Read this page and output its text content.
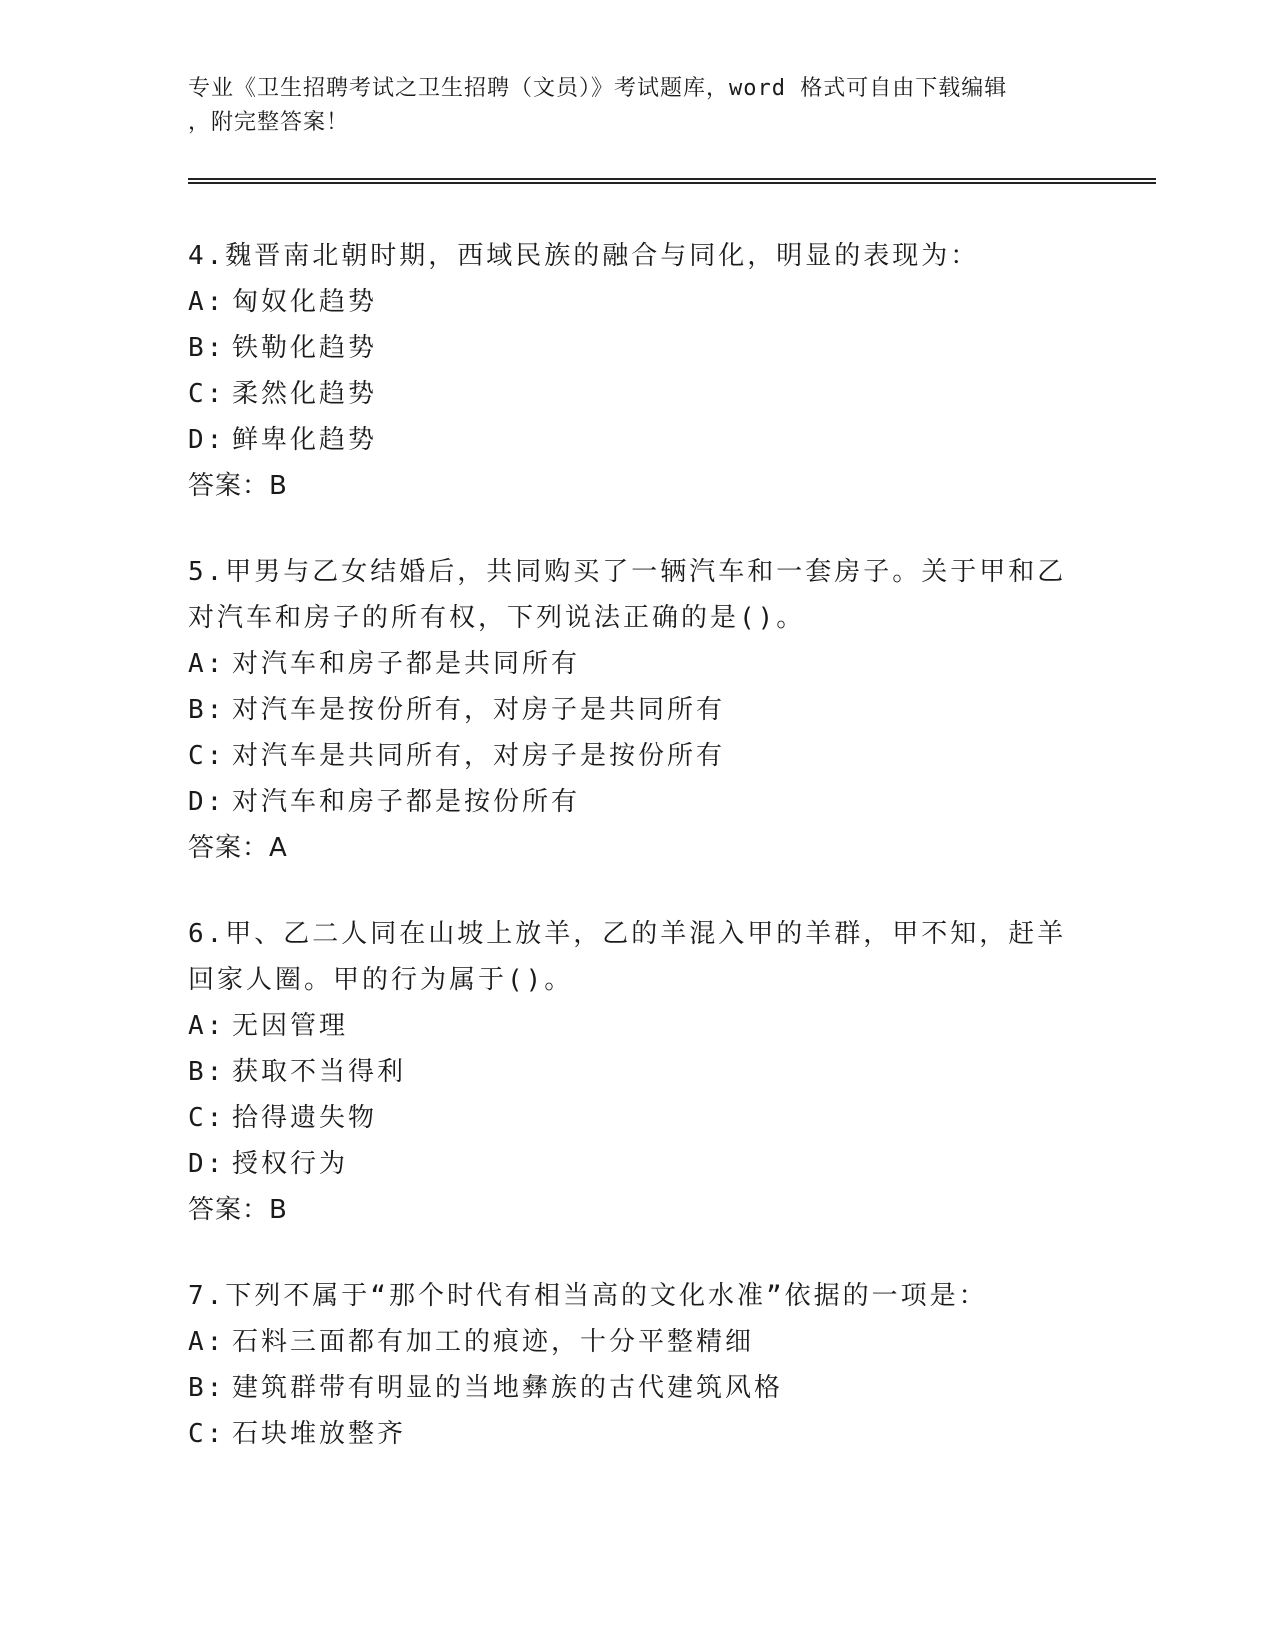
专业《卫生招聘考试之卫生招聘（文员）》考试题库，word 格式可自由下载编辑
，附完整答案！

4.魏晋南北朝时期，西域民族的融合与同化，明显的表现为：

A: 匈奴化趋势

B: 铁勒化趋势

C: 柔然化趋势

D: 鲜卑化趋势

答案：B

5.甲男与乙女结婚后，共同购买了一辆汽车和一套房子。关于甲和乙

对汽车和房子的所有权，下列说法正确的是()。

A: 对汽车和房子都是共同所有

B: 对汽车是按份所有，对房子是共同所有

C: 对汽车是共同所有，对房子是按份所有

D: 对汽车和房子都是按份所有

答案：A

6.甲、乙二人同在山坡上放羊，乙的羊混入甲的羊群，甲不知，赶羊

回家人圈。甲的行为属于()。

A: 无因管理

B: 获取不当得利

C: 拾得遗失物

D: 授权行为

答案：B

7.下列不属于“那个时代有相当高的文化水准”依据的一项是：

A: 石料三面都有加工的痕迹，十分平整精细

B: 建筑群带有明显的当地彝族的古代建筑风格

C: 石块堆放整齐
